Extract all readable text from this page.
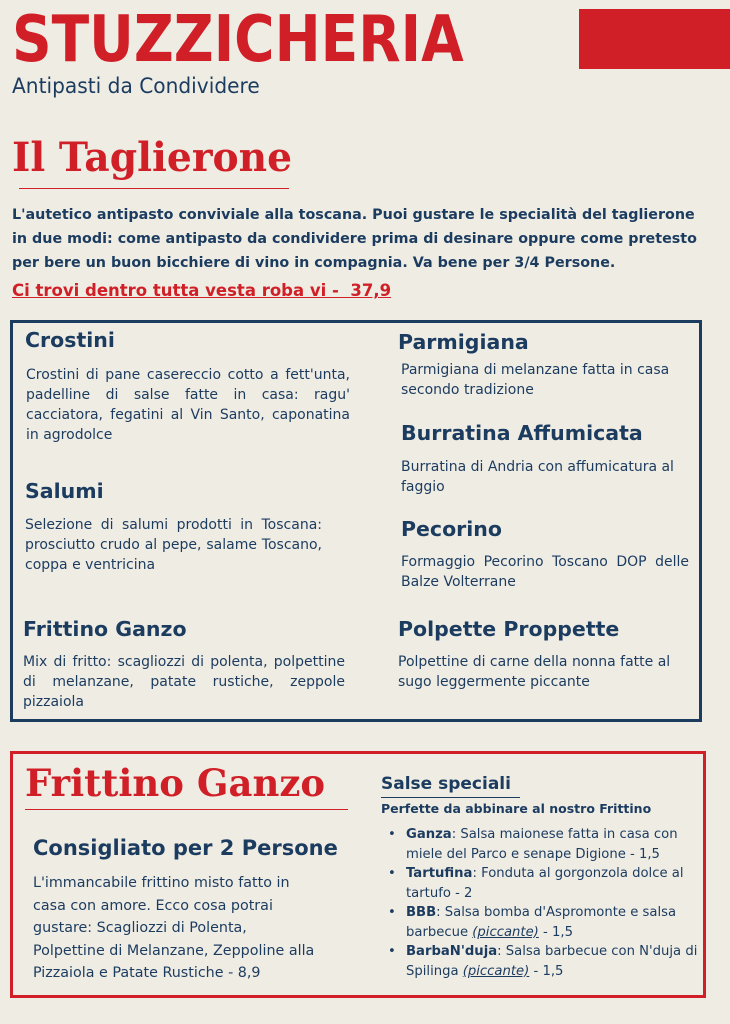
STUZZICHERIA
Antipasti da Condividere
Il Taglierone
L'autetico antipasto conviviale alla toscana. Puoi gustare le specialità del taglierone in due modi: come antipasto da condividere prima di desinare oppure come pretesto per bere un buon bicchiere di vino in compagnia. Va bene per 3/4 Persone.
Ci trovi dentro tutta vesta roba vi -  37,9
Crostini
Crostini di pane casereccio cotto a fett'unta, padelline di salse fatte in casa: ragu' cacciatora, fegatini al Vin Santo, caponatina in agrodolce
Salumi
Selezione di salumi prodotti in Toscana: prosciutto crudo al pepe, salame Toscano, coppa e ventricina
Frittino Ganzo
Mix di fritto: scagliozzi di polenta, polpettine di melanzane, patate rustiche, zeppole pizzaiola
Parmigiana
Parmigiana di melanzane fatta in casa secondo tradizione
Burratina Affumicata
Burratina di Andria con affumicatura al faggio
Pecorino
Formaggio Pecorino Toscano DOP delle Balze Volterrane
Polpette Proppette
Polpettine di carne della nonna fatte al sugo leggermente piccante
Frittino Ganzo
Consigliato per 2 Persone
L'immancabile frittino misto fatto in casa con amore. Ecco cosa potrai gustare: Scagliozzi di Polenta, Polpettine di Melanzane, Zeppoline alla Pizzaiola e Patate Rustiche - 8,9
Salse speciali
Perfette da abbinare al nostro Frittino
• Ganza: Salsa maionese fatta in casa con miele del Parco e senape Digione - 1,5
• Tartufina: Fonduta al gorgonzola dolce al tartufo - 2
• BBB: Salsa bomba d'Aspromonte e salsa barbecue (piccante) - 1,5
• BarbaN'duja: Salsa barbecue con N'duja di Spilinga (piccante) - 1,5
